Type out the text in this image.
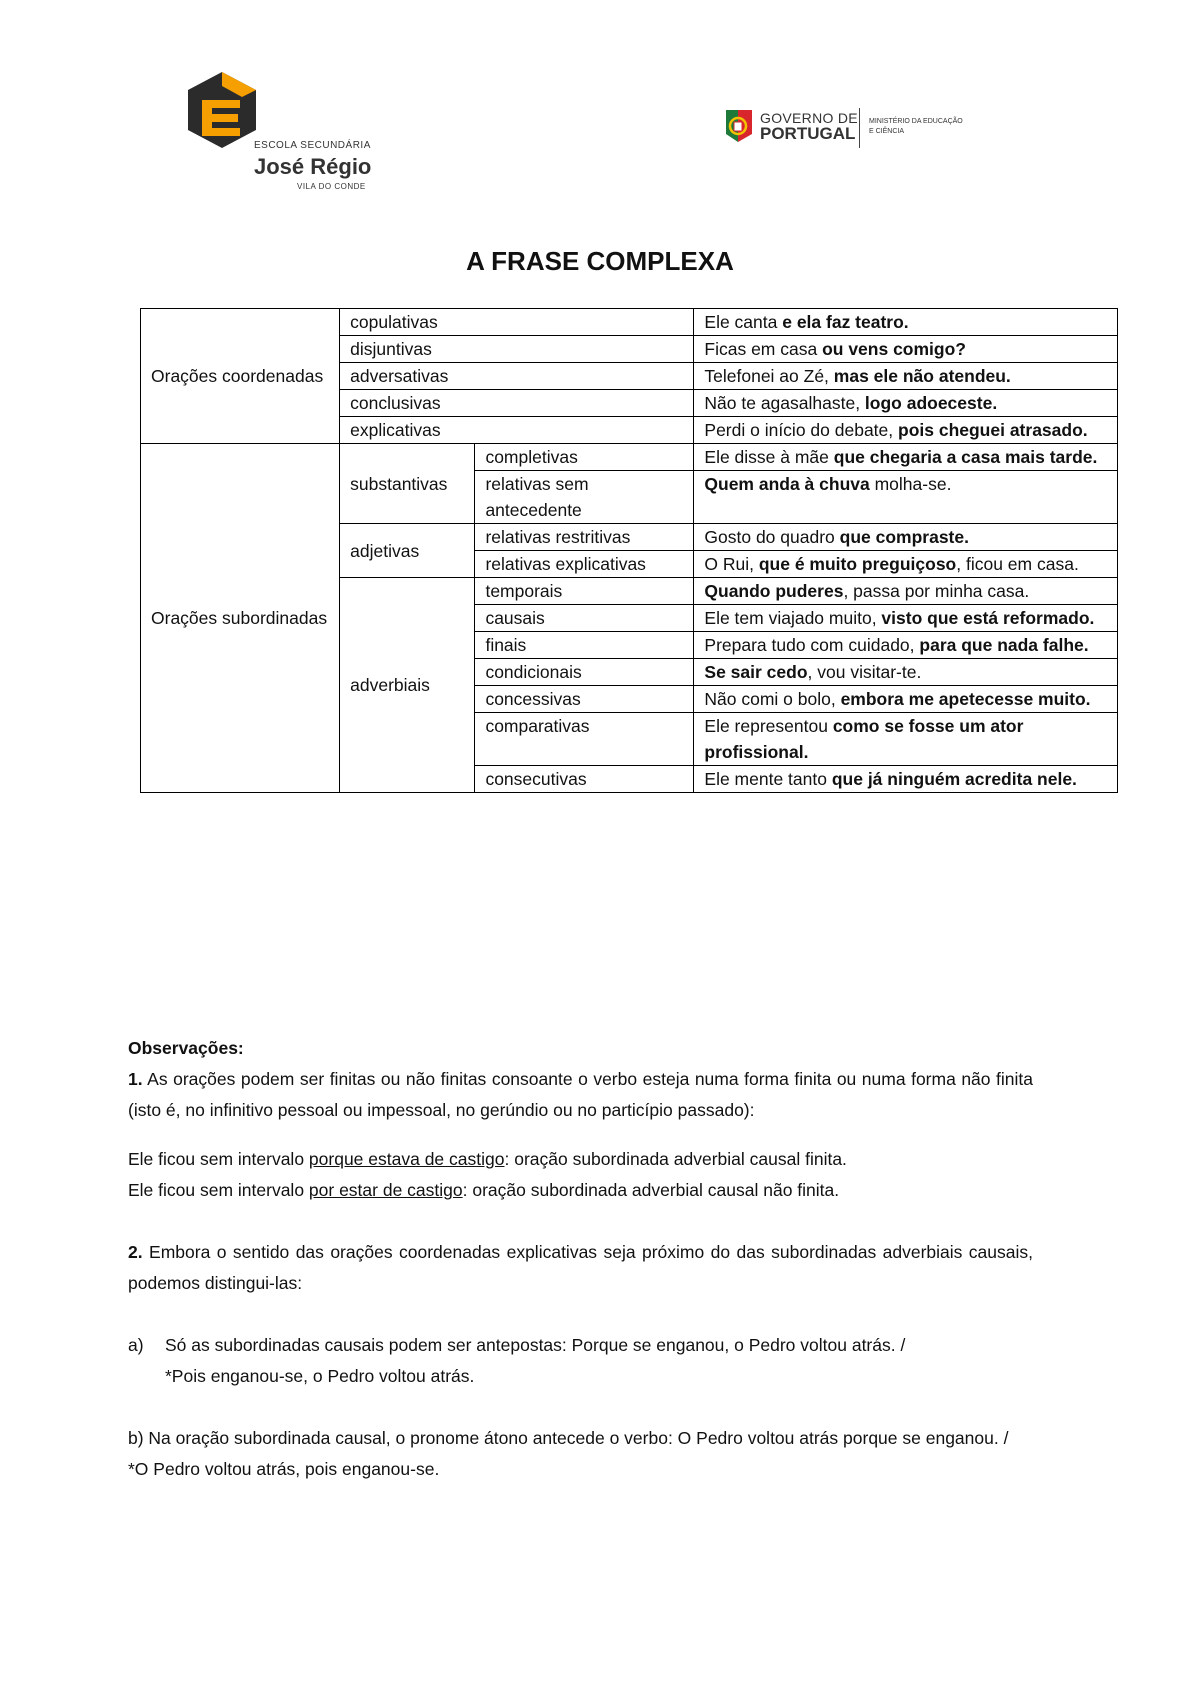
ESCOLA SECUNDÁRIA
José Régio
VILA DO CONDE
GOVERNO DE
PORTUGAL
MINISTÉRIO DA EDUCAÇÃO
E CIÊNCIA
A FRASE COMPLEXA
Orações coordenadas	copulativas		Ele canta e ela faz teatro.
	disjuntivas		Ficas em casa ou vens comigo?
	adversativas		Telefonei ao Zé, mas ele não atendeu.
	conclusivas		Não te agasalhaste, logo adoeceste.
	explicativas		Perdi o início do debate, pois cheguei atrasado.
Orações subordinadas	substantivas	completivas	Ele disse à mãe que chegaria a casa mais tarde.
		relativas sem antecedente	Quem anda à chuva molha-se.
	adjetivas	relativas restritivas	Gosto do quadro que compraste.
		relativas explicativas	O Rui, que é muito preguiçoso, ficou em casa.
	adverbiais	temporais	Quando puderes, passa por minha casa.
		causais	Ele tem viajado muito, visto que está reformado.
		finais	Prepara tudo com cuidado, para que nada falhe.
		condicionais	Se sair cedo, vou visitar-te.
		concessivas	Não comi o bolo, embora me apetecesse muito.
		comparativas	Ele representou como se fosse um ator profissional.
		consecutivas	Ele mente tanto que já ninguém acredita nele.

Observações:

1. As orações podem ser finitas ou não finitas consoante o verbo esteja numa forma finita ou numa forma não finita (isto é, no infinitivo pessoal ou impessoal, no gerúndio ou no particípio passado):

Ele ficou sem intervalo porque estava de castigo: oração subordinada adverbial causal finita.

Ele ficou sem intervalo por estar de castigo: oração subordinada adverbial causal não finita.

2. Embora o sentido das orações coordenadas explicativas seja próximo do das subordinadas adverbiais causais, podemos distingui-las:

a) Só as subordinadas causais podem ser antepostas: Porque se enganou, o Pedro voltou atrás. /

*Pois enganou-se, o Pedro voltou atrás.

b) Na oração subordinada causal, o pronome átono antecede o verbo: O Pedro voltou atrás porque se enganou. / *O Pedro voltou atrás, pois enganou-se.
